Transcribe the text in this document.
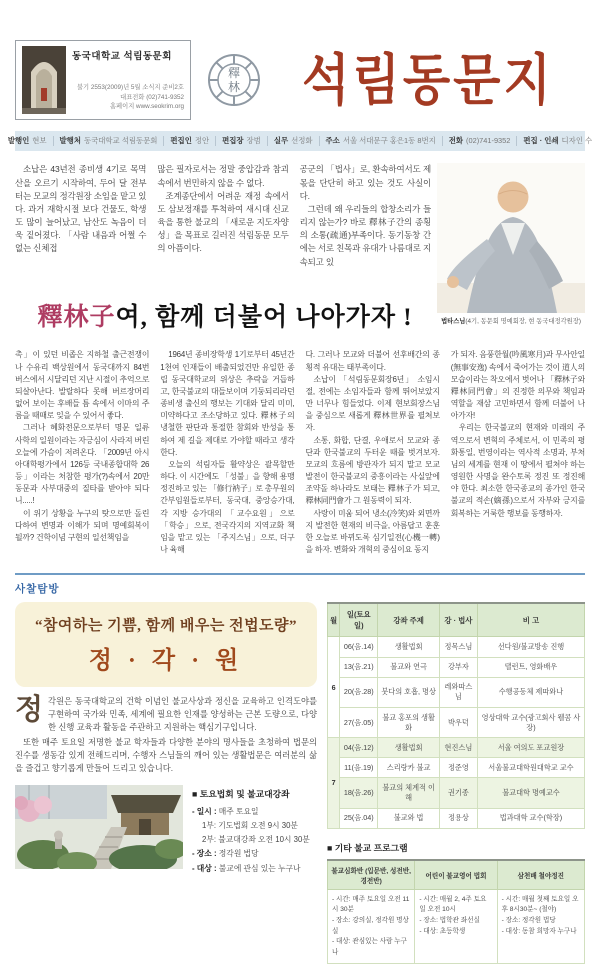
동국대학교 석림동문회
불기 2553(2009)년 5월 소식지 준비2호
대표전화 (02)741-9352
홈페이지 www.seokrim.org
釋
林	석림동문지
발행인 현보	발행처 동국대학교 석림동문회	편집인 정안	편집장 장범	실무 선정화	주소 서울 서대문구 홍은1동 8번지	전화 (02)741-9352	편집 · 인쇄 디자인 수

소납은 43년전 종비생 4기로 목멱산을 오르기 시작하여, 두어 달 전부터는 모교의 정각원장 소임을 맡고 있다. 과거 재학시절 보다 건물도, 학생도 많이 늘어났고, 남산도 녹음이 더욱 짙어졌다. 「사람 내음과 어쩔 수 없는 신체접

많은 필자로서는 정말 중압감과 참괴 속에서 번민하지 않을 수 없다.

조계종단에서 어려운 재정 속에서도 삼보정재를 투척하여 새시대 신교육을 통한 불교의 「새로운 지도자양성」을 목표로 길러진 석림동문 모두의 아픔이다.

공군의 「법사」로, 환속하여서도 제몫을 단단히 하고 있는 것도 사실이다.

그런데 왜 우리들의 합창소리가 들리지 않는가? 바로 釋林子간의 종횡의 소통(疏通)부족이다. 동기동창 간에는 서로 친목과 유대가 나름대로 지속되고 있

법타스님(4기, 동문회 명예회장, 현 동국대정각원장)
釋林子여, 함께 더불어 나아가자 !

촉」이 있던 비좁은 지하철 출근전쟁이나 수유리 백상원에서 동국대까지 84번 버스에서 시달리던 지난 시절이 추억으로 되살아난다. 발랄하다 못해 버르장머리 없어 보이는 후배들 틈 속에서 이마의 주름을 때때로 잊을 수 있어서 좋다.

그러나 혜화전문으로부터 명문 일류 사학의 일원이라는 자긍심이 사라져 버린 오늘에 가슴이 저려온다. 「2009년 아시아대학평가에서 126등 국내종합대학 26등」이라는 처참한 평가(?)속에서 20만 동문과 사부대중의 질타를 받아야 되다니.....!

이 위기 상황을 누구의 탓으로만 돌린다하여 변명과 이해가 되며 명예회복이 될까? 건학이념 구현의 일선책임을

1964년 종비장학생 1기로부터 45년간 1천여 인재들이 배출되었건만 유일한 종립 동국대학교의 위상은 추락을 거듭하고, 한국불교의 대들보이며 기둥되리라던 종비생 출신의 행보는 기대와 달리 미미, 미약하다고 조소당하고 있다. 釋林子의 냉철한 판단과 통절한 참회와 반성을 통하여 제 길을 제대로 가야할 때라고 생각한다.

오늘의 석림자들 활약상은 괄목할만 하다. 이 시간에도 「성불」을 향해 용맹정진하고 있는 「修行衲子」로 총무원의 간부임원들로부터, 동국대, 중앙승가대, 각 지방 승가대의 「교수요원」으로 「학승」으로, 전국각지의 지역교화 책임을 맡고 있는 「주지스님」으로, 더구나 육해

다. 그러나 모교와 더불어 선후배간의 종횡적 유대는 태부족이다.

소납이 「석림동문회장6년」 소임시절, 전에는 소임자들과 함께 뛰어보았지만 너무나 힘들었다. 이제 현보회장스님을 중심으로 새롭게 釋林世界를 펼쳐보자.

소통, 화합, 단결, 우애로서 모교와 종단과 한국불교의 두터운 때를 벗겨보자. 모교의 흐름에 방관자가 되지 말고 모교 발전이 한국불교의 중흥이라는 사실앞에 조약돌 하나라도 보태는 釋林子가 되고, 釋林同門會가 그 원동력이 되자.

사랑이 미움 되어 냉소(冷笑)와 외면까지 발전한 현재의 비극을, 아름답고 훈훈한 오늘로 바뀌도록 심기일전(心機一轉)을 하자. 변화와 개혁의 중심이요 동지

가 되자. 음풍한월(吟風寒月)과 무사안일(無事安逸) 속에서 죽어가는 것이 道人의 모습이라는 착오에서 벗어나 「釋林子와 釋林同門會」의 진정한 의무와 책임과 역할을 재삼 고민하면서 함께 더불어 나아가자!

우리는 한국불교의 현재와 미래의 주역으로서 변혁의 주체로서, 이 민족의 평화통일, 번영이라는 역사적 소명과, 부처님의 세계를 현재 이 땅에서 펼쳐야 하는 영원한 사명을 완수토록 정진 또 정진해야 한다. 최소한 한국종교의 종가인 한국불교의 적손(嫡孫)으로서 자부와 긍지를 회복하는 거룩한 행보를 동행하자.

사찰탐방
“참여하는 기쁨, 함께 배우는 전법도량”
정 · 각 · 원

정각원은 동국대학교의 건학 이념인 불교사상과 정신을 교육하고 인격도야를 구현하여 국가와 민족, 세계에 필요한 인재를 양성하는 근본 도량으로, 다양한 신행 교육과 활동을 주관하고 지원하는 핵심기구입니다.

또한 매주 토요일 저명한 불교 학자들과 다양한 분야의 명사들을 초청하여 법문의 진수를 생동감 있게 전해드리며, 수행자 스님들의 깨어 있는 생활법문은 여러분의 삶을 즐겁고 향기롭게 만들어 드리고 있습니다.

■ 토요법회 및 불교대강좌
- 일시 : 매주 토요일
1부: 기도법회 오전 9시 30분
2부: 불교대강좌 오전 10시 30분
- 장소 : 정각원 법당
- 대상 : 불교에 관심 있는 누구나
월	일(토요일)	강좌 주제	강 · 법사	비 고
6	06(음.14)	생활법회	정목스님	선다원/불교방송 진행
	13(음.21)	불교와 연극	강부자	탤런트, 영화배우
	20(음.28)	붓다의 호흡, 명상	레와따스님	수행공동체 제따와나
	27(음.05)	불교 홍포의 생활화	박우덕	영상대학 교수(광고회사 웰콤 사장)
7	04(음.12)	생활법회	현진스님	서울 여의도 포교원장
	11(음.19)	스리랑카 불교	정준영	서울불교대학원대학교 교수
	18(음.26)	불교의 체계적 이해	권기종	불교대학 명예교수
	25(음.04)	불교와 법	정용상	법과대학 교수(학장)
■ 기타 불교 프로그램
불교심화반 (입문반, 성전반, 경전반)	어린이 불교영어 법회	삼천배 철야정진

- 시간: 매주 토요일 오전 11시 30분
- 장소: 강의실, 정각원 명상실
- 대상: 관심있는 사람 누구나

- 시간: 매월 2, 4주 토요일 오전 10시
- 장소: 법학관 좌선실
- 대상: 초등학생

- 시간: 매월 첫째 토요일 오후 8시30분~ (철야)
- 장소: 정각원 법당
- 대상: 동참 희망자 누구나
